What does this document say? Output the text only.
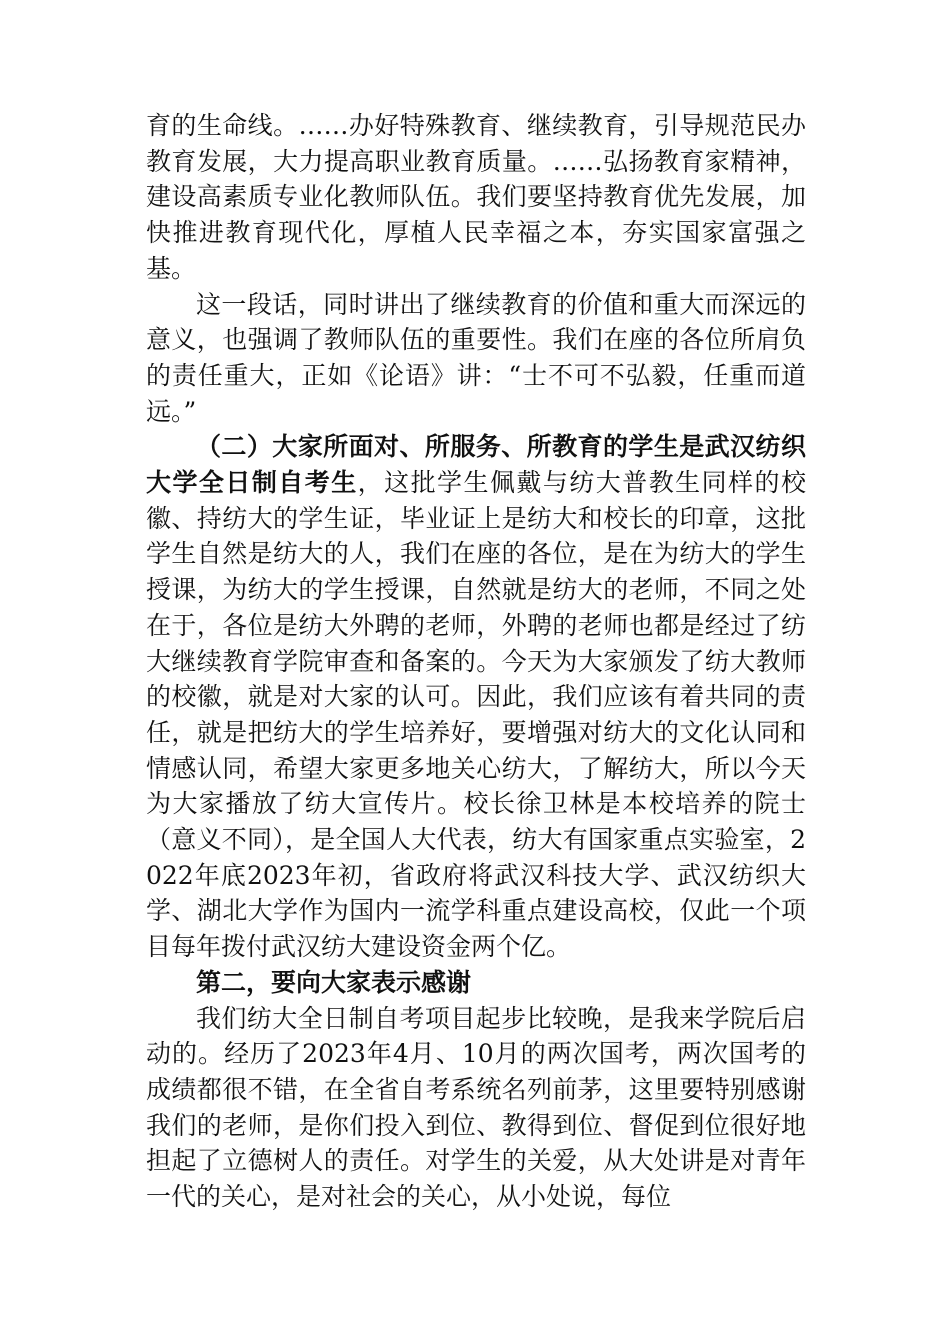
育的生命线。……办好特殊教育、继续教育，引导规范民办教育发展，大力提高职业教育质量。……弘扬教育家精神，建设高素质专业化教师队伍。我们要坚持教育优先发展，加快推进教育现代化，厚植人民幸福之本，夯实国家富强之基。

这一段话，同时讲出了继续教育的价值和重大而深远的意义，也强调了教师队伍的重要性。我们在座的各位所肩负的责任重大，正如《论语》讲：“士不可不弘毅，任重而道远。”

（二）大家所面对、所服务、所教育的学生是武汉纺织大学全日制自考生，这批学生佩戴与纺大普教生同样的校徽、持纺大的学生证，毕业证上是纺大和校长的印章，这批学生自然是纺大的人，我们在座的各位，是在为纺大的学生授课，为纺大的学生授课，自然就是纺大的老师，不同之处在于，各位是纺大外聘的老师，外聘的老师也都是经过了纺大继续教育学院审查和备案的。今天为大家颁发了纺大教师的校徽，就是对大家的认可。因此，我们应该有着共同的责任，就是把纺大的学生培养好，要增强对纺大的文化认同和情感认同，希望大家更多地关心纺大，了解纺大，所以今天为大家播放了纺大宣传片。校长徐卫林是本校培养的院士（意义不同），是全国人大代表，纺大有国家重点实验室，2022年底2023年初，省政府将武汉科技大学、武汉纺织大学、湖北大学作为国内一流学科重点建设高校，仅此一个项目每年拨付武汉纺大建设资金两个亿。

第二，要向大家表示感谢

我们纺大全日制自考项目起步比较晚，是我来学院后启动的。经历了2023年4月、10月的两次国考，两次国考的成绩都很不错，在全省自考系统名列前茅，这里要特别感谢我们的老师，是你们投入到位、教得到位、督促到位很好地担起了立德树人的责任。对学生的关爱，从大处讲是对青年一代的关心，是对社会的关心，从小处说，每位
